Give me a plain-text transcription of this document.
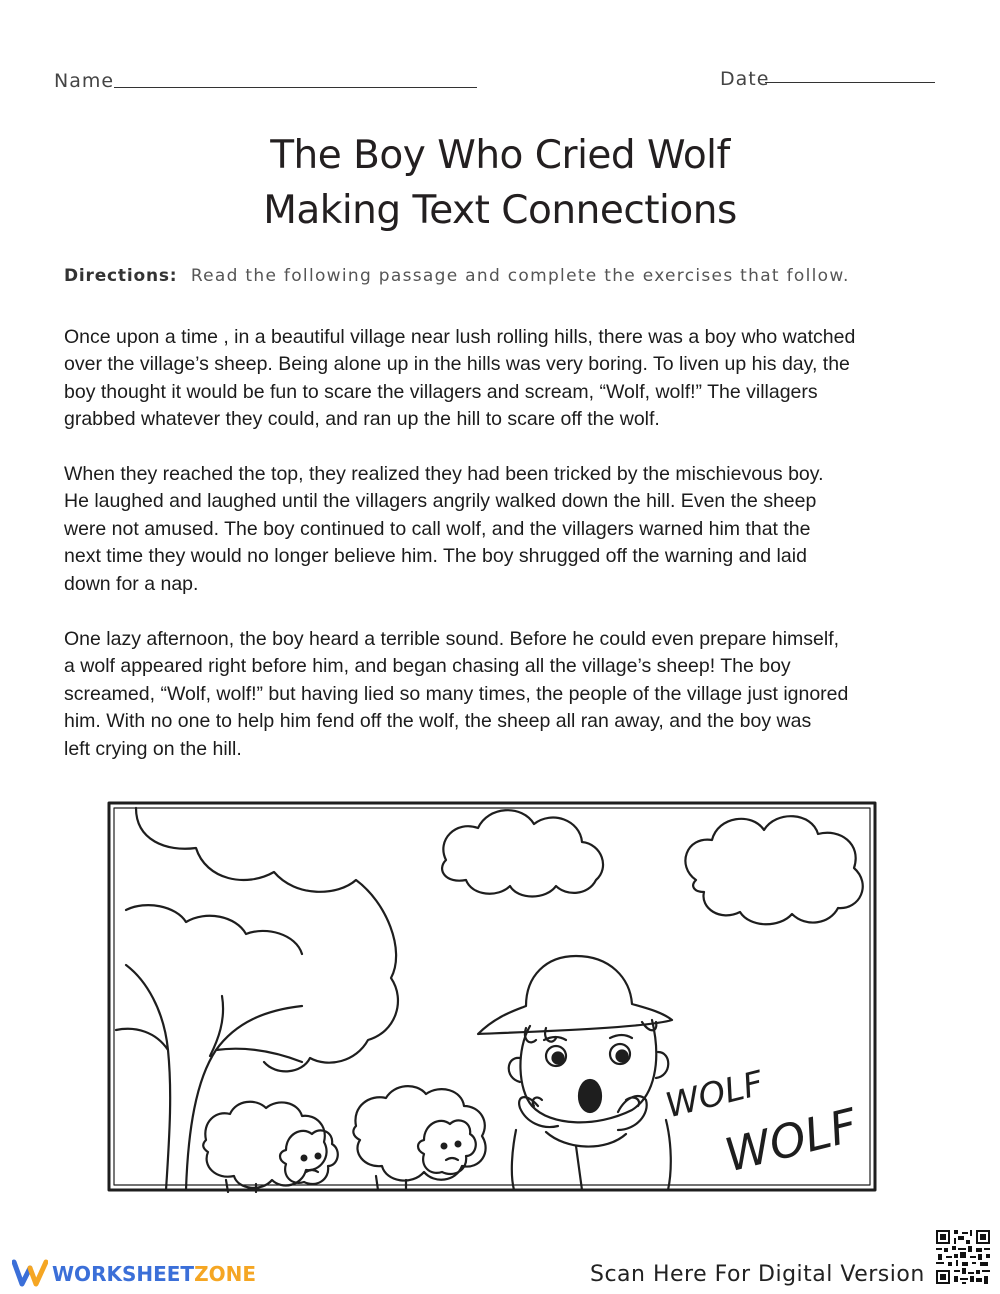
Name	Date
The Boy Who Cried Wolf
Making Text Connections
Directions: Read the following passage and complete the exercises that follow.
Once upon a time , in a beautiful village near lush rolling hills, there was a boy who watched
over the village’s sheep. Being alone up in the hills was very boring. To liven up his day, the
boy thought it would be fun to scare the villagers and scream, “Wolf, wolf!” The villagers
grabbed whatever they could, and ran up the hill to scare off the wolf.
When they reached the top, they realized they had been tricked by the mischievous boy.
He laughed and laughed until the villagers angrily walked down the hill. Even the sheep
were not amused. The boy continued to call wolf, and the villagers warned him that the
next time they would no longer believe him. The boy shrugged off the warning and laid
down for a nap.
One lazy afternoon, the boy heard a terrible sound. Before he could even prepare himself,
a wolf appeared right before him, and began chasing all the village’s sheep! The boy
screamed, “Wolf, wolf!” but having lied so many times, the people of the village just ignored
him. With no one to help him fend off the wolf, the sheep all ran away, and the boy was
left crying on the hill.
WOLF
WOLF
WORKSHEETZONE	Scan Here For Digital Version
